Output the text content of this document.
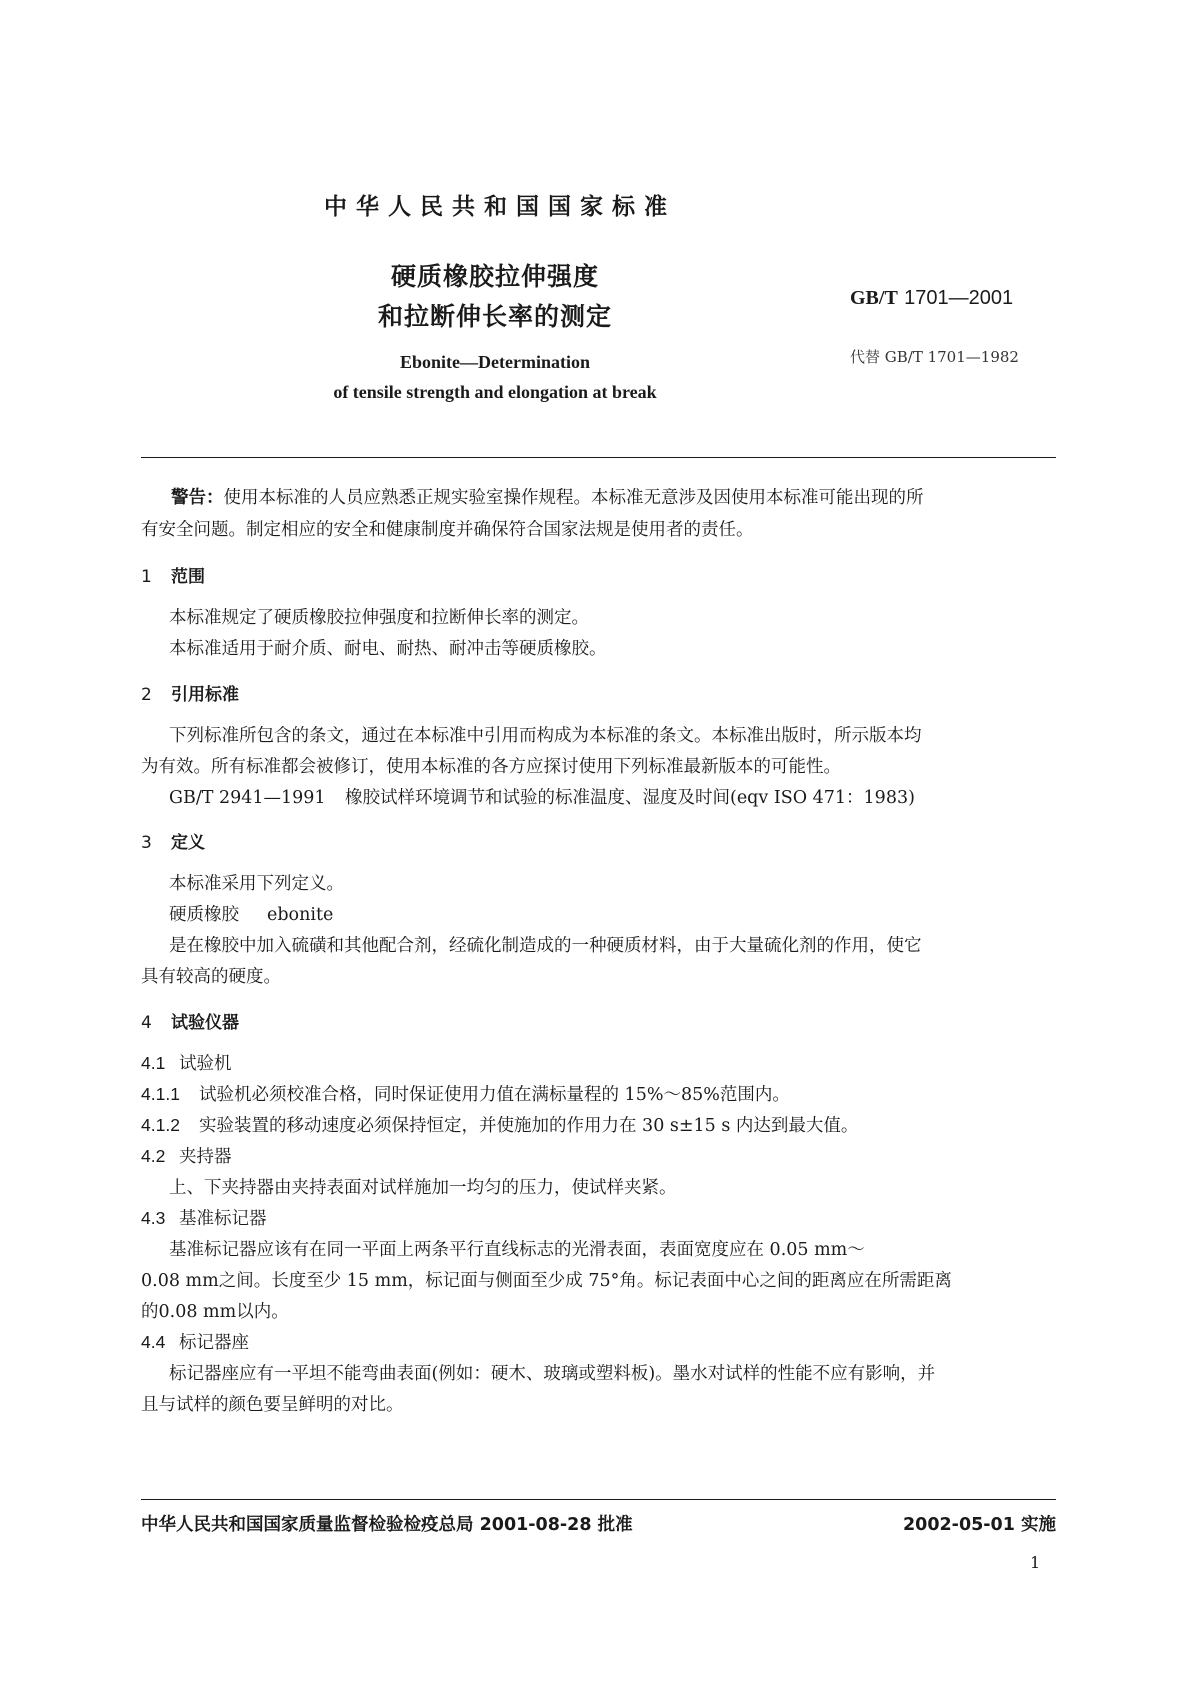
中华人民共和国国家标准
硬质橡胶拉伸强度
和拉断伸长率的测定
GB/T 1701—2001
代替 GB/T 1701—1982
Ebonite—Determination
of tensile strength and elongation at break
警告：使用本标准的人员应熟悉正规实验室操作规程。本标准无意涉及因使用本标准可能出现的所
有安全问题。制定相应的安全和健康制度并确保符合国家法规是使用者的责任。
1 范围
本标准规定了硬质橡胶拉伸强度和拉断伸长率的测定。
本标准适用于耐介质、耐电、耐热、耐冲击等硬质橡胶。
2 引用标准
下列标准所包含的条文，通过在本标准中引用而构成为本标准的条文。本标准出版时，所示版本均
为有效。所有标准都会被修订，使用本标准的各方应探讨使用下列标准最新版本的可能性。
GB/T 2941—1991 橡胶试样环境调节和试验的标准温度、湿度及时间(eqv ISO 471：1983)
3 定义
本标准采用下列定义。
硬质橡胶 ebonite
是在橡胶中加入硫磺和其他配合剂，经硫化制造成的一种硬质材料，由于大量硫化剂的作用，使它
具有较高的硬度。
4 试验仪器
4.1 试验机
4.1.1 试验机必须校准合格，同时保证使用力值在满标量程的 15%～85%范围内。
4.1.2 实验装置的移动速度必须保持恒定，并使施加的作用力在 30 s±15 s 内达到最大值。
4.2 夹持器
上、下夹持器由夹持表面对试样施加一均匀的压力，使试样夹紧。
4.3 基准标记器
基准标记器应该有在同一平面上两条平行直线标志的光滑表面，表面宽度应在 0.05 mm～
0.08 mm之间。长度至少 15 mm，标记面与侧面至少成 75°角。标记表面中心之间的距离应在所需距离
的0.08 mm以内。
4.4 标记器座
标记器座应有一平坦不能弯曲表面(例如：硬木、玻璃或塑料板)。墨水对试样的性能不应有影响，并
且与试样的颜色要呈鲜明的对比。
中华人民共和国国家质量监督检验检疫总局 2001-08-28 批准	2002-05-01 实施
1
